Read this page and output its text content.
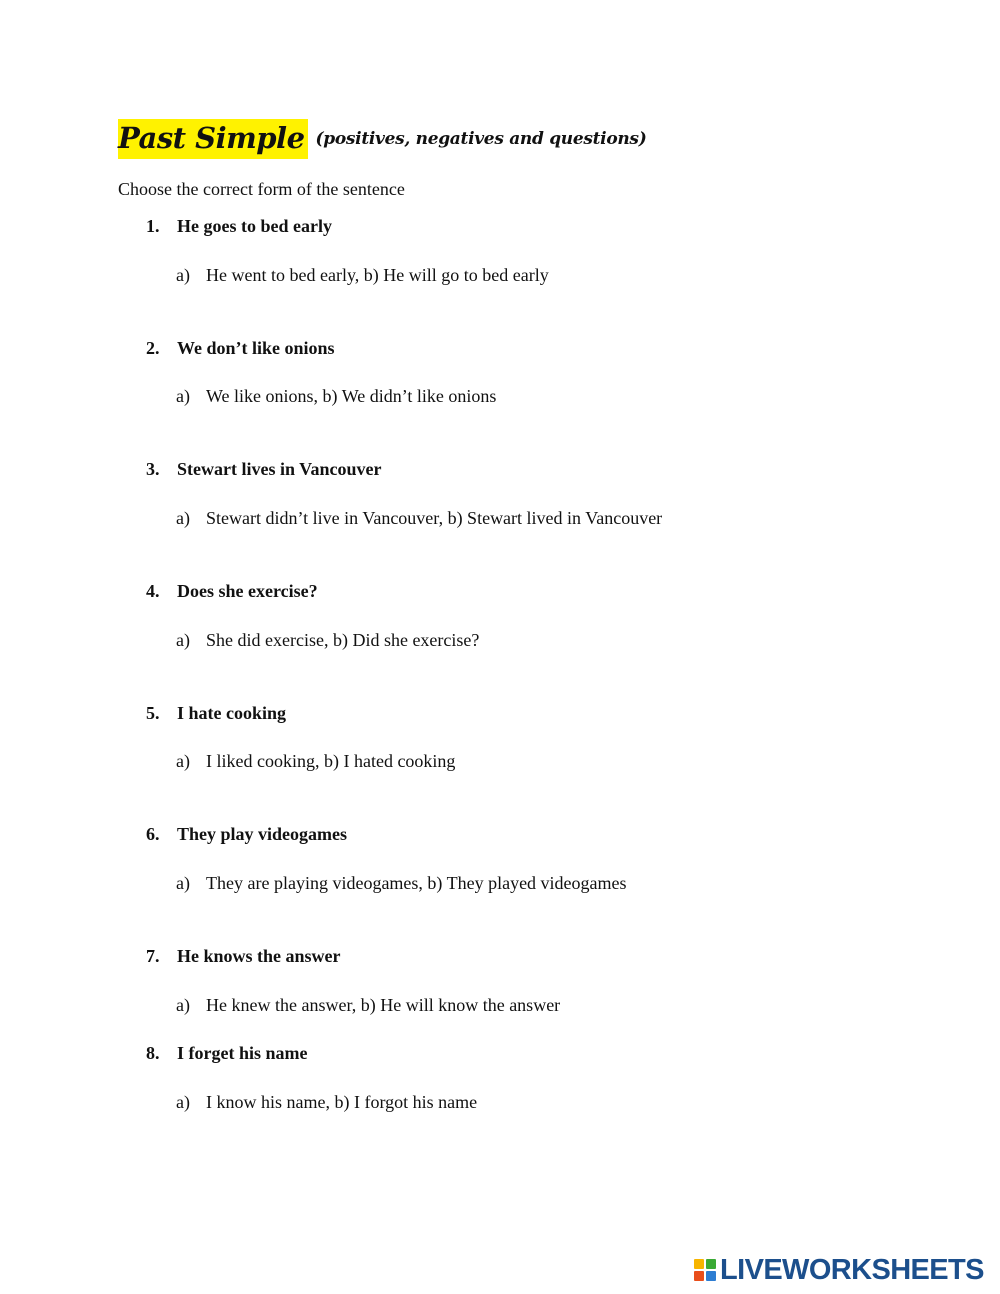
Past Simple (positives, negatives and questions)
Choose the correct form of the sentence
1. He goes to bed early
a) He went to bed early, b) He will go to bed early
2. We don’t like onions
a) We like onions, b) We didn’t like onions
3. Stewart lives in Vancouver
a) Stewart didn’t live in Vancouver, b) Stewart lived in Vancouver
4. Does she exercise?
a) She did exercise, b) Did she exercise?
5. I hate cooking
a) I liked cooking, b) I hated cooking
6. They play videogames
a) They are playing videogames, b) They played videogames
7. He knows the answer
a) He knew the answer, b) He will know the answer
8. I forget his name
a) I know his name, b) I forgot his name
LIVEWORKSHEETS
